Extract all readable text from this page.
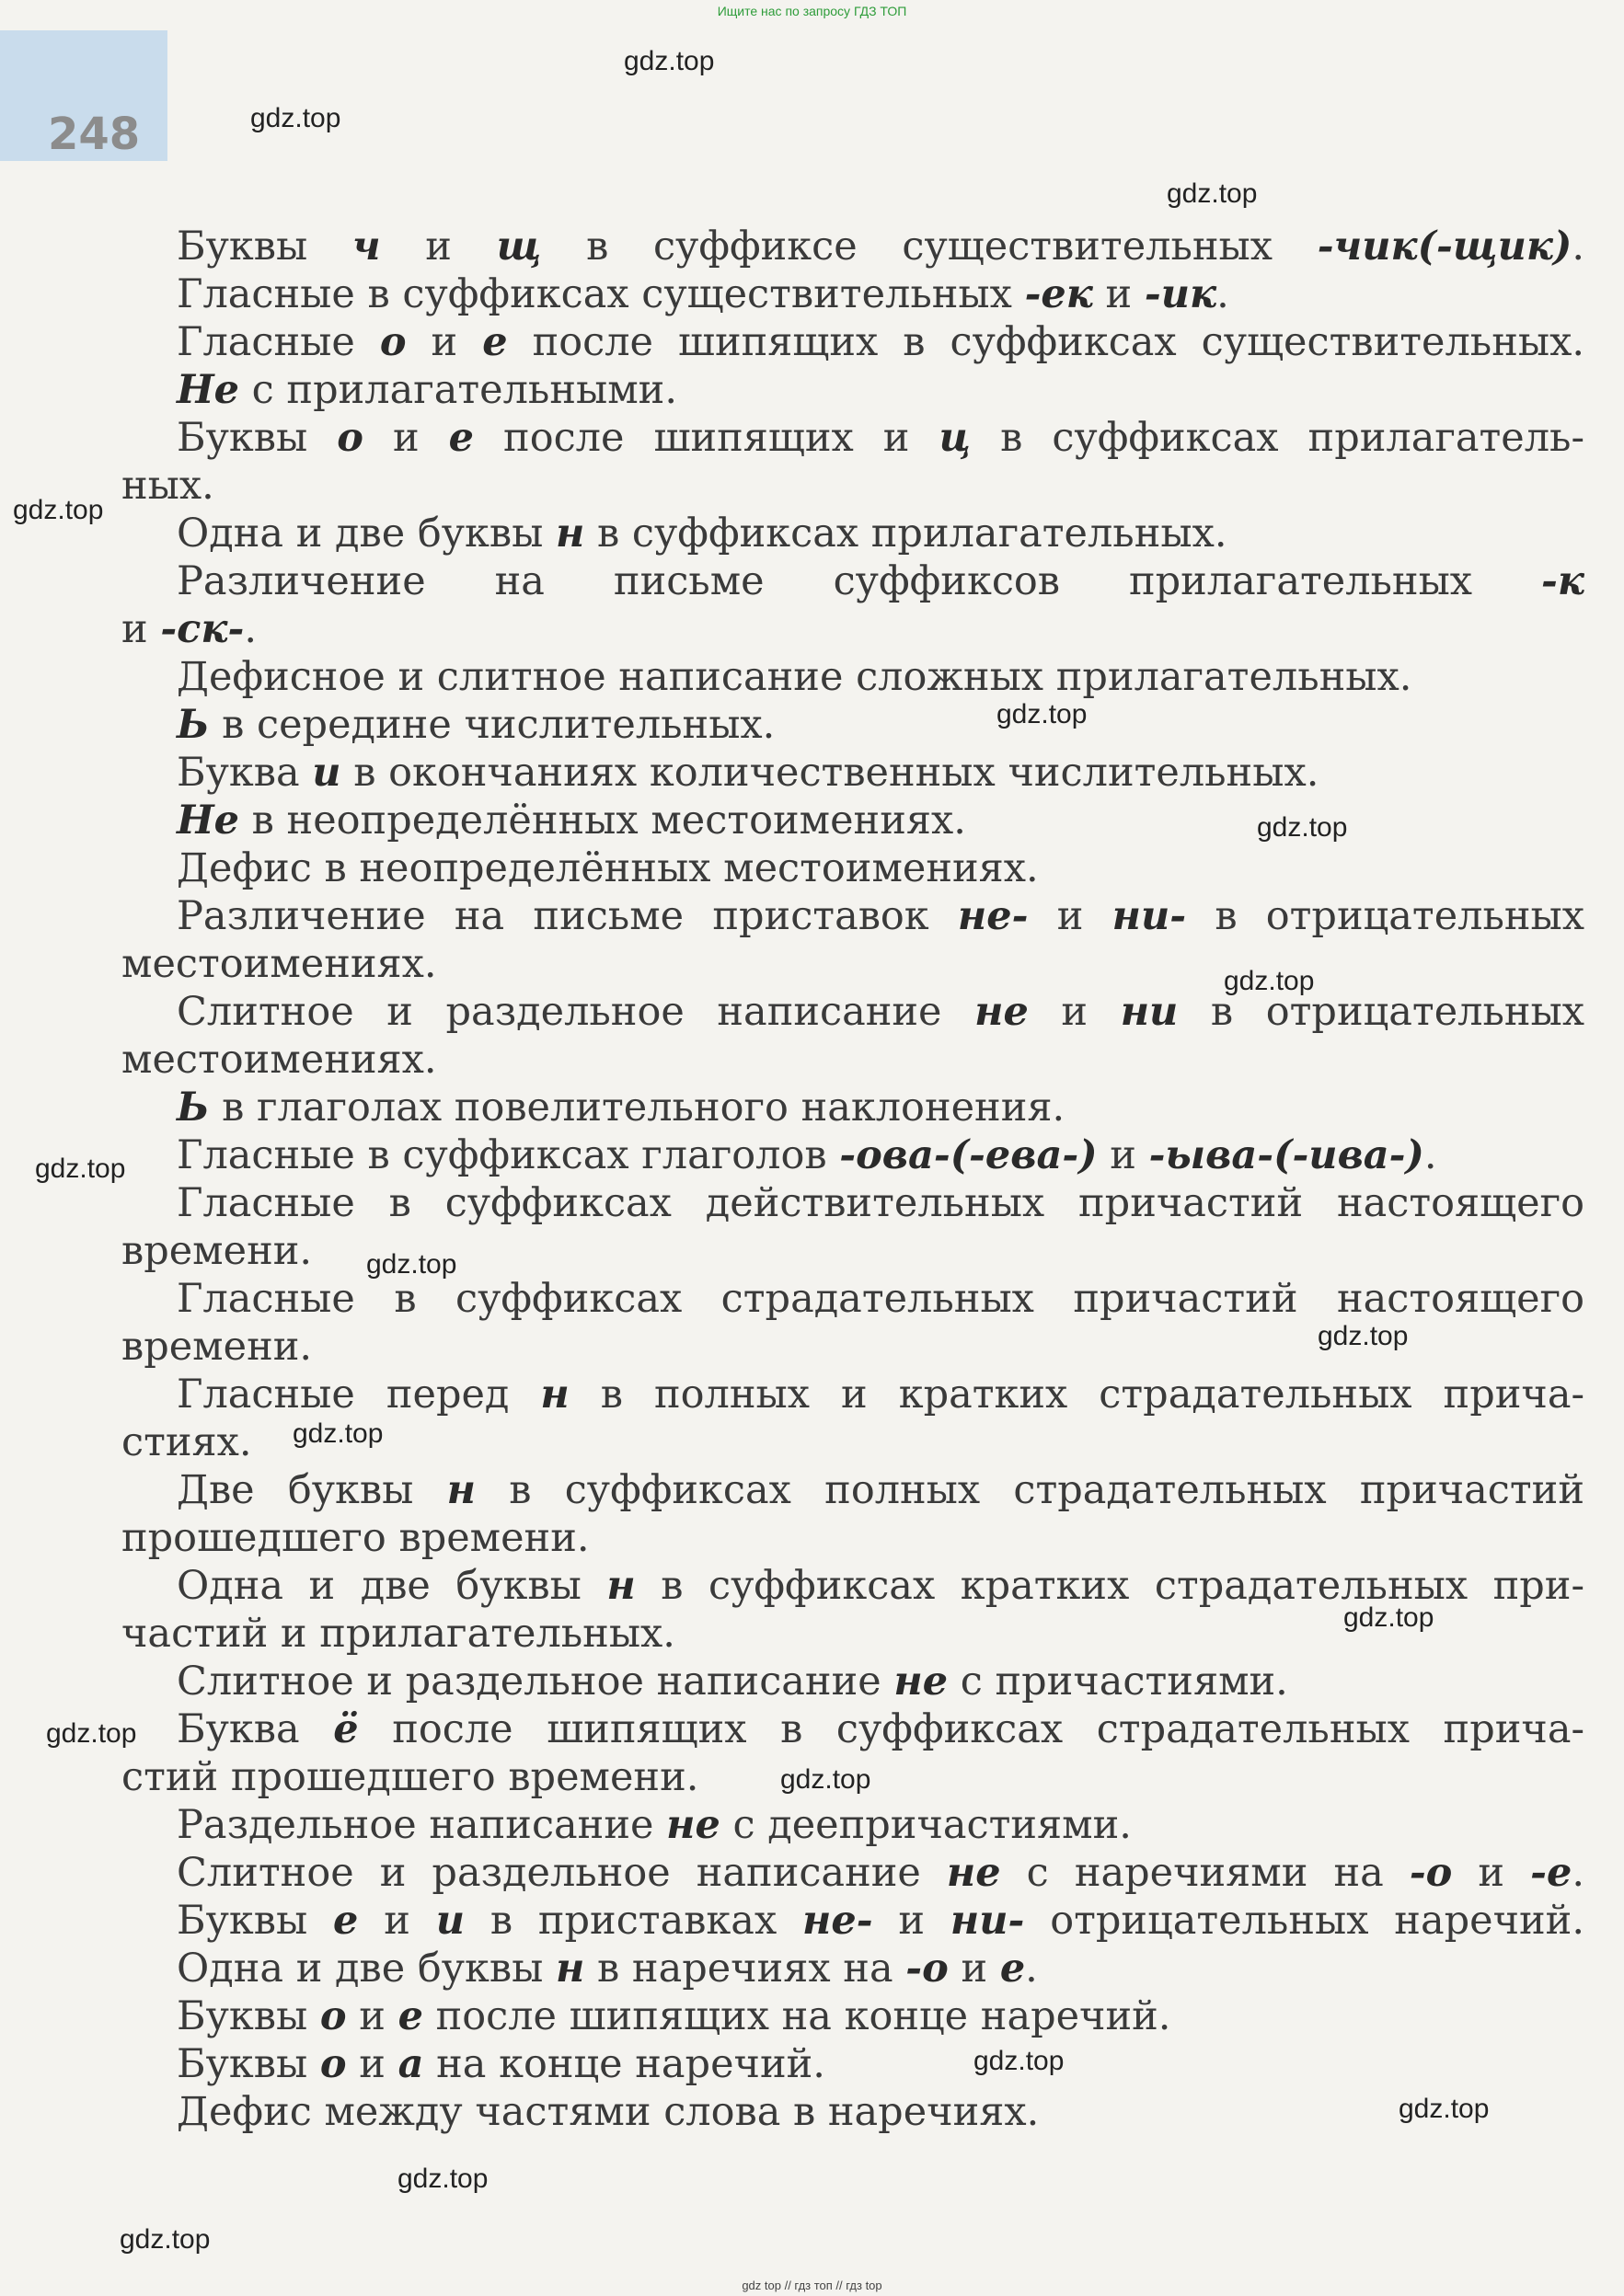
Ищите нас по запросу ГДЗ ТОП
248
Буквы ч и щ в суффиксе существительных -чик(-щик).
Гласные в суффиксах существительных -ек и -ик.
Гласные о и е после шипящих в суффиксах существительных.
Не с прилагательными.
Буквы о и е после шипящих и ц в суффиксах прилагатель-
ных.
Одна и две буквы н в суффиксах прилагательных.
Различение на письме суффиксов прилагательных -к
и -ск-.
Дефисное и слитное написание сложных прилагательных.
Ь в середине числительных.
Буква и в окончаниях количественных числительных.
Не в неопределённых местоимениях.
Дефис в неопределённых местоимениях.
Различение на письме приставок не- и ни- в отрицательных
местоимениях.
Слитное и раздельное написание не и ни в отрицательных
местоимениях.
Ь в глаголах повелительного наклонения.
Гласные в суффиксах глаголов -ова-(-ева-) и -ыва-(-ива-).
Гласные в суффиксах действительных причастий настоящего
времени.
Гласные в суффиксах страдательных причастий настоящего
времени.
Гласные перед н в полных и кратких страдательных прича-
стиях.
Две буквы н в суффиксах полных страдательных причастий
прошедшего времени.
Одна и две буквы н в суффиксах кратких страдательных при-
частий и прилагательных.
Слитное и раздельное написание не с причастиями.
Буква ё после шипящих в суффиксах страдательных прича-
стий прошедшего времени.
Раздельное написание не с деепричастиями.
Слитное и раздельное написание не с наречиями на -о и -е.
Буквы е и и в приставках не- и ни- отрицательных наречий.
Одна и две буквы н в наречиях на -о и е.
Буквы о и е после шипящих на конце наречий.
Буквы о и а на конце наречий.
Дефис между частями слова в наречиях.
gdz.top
gdz.top
gdz.top
gdz.top
gdz.top
gdz.top
gdz.top
gdz.top
gdz.top
gdz.top
gdz.top
gdz.top
gdz.top
gdz.top
gdz.top
gdz.top
gdz.top
gdz.top
gdz top // гдз топ // гдз top
